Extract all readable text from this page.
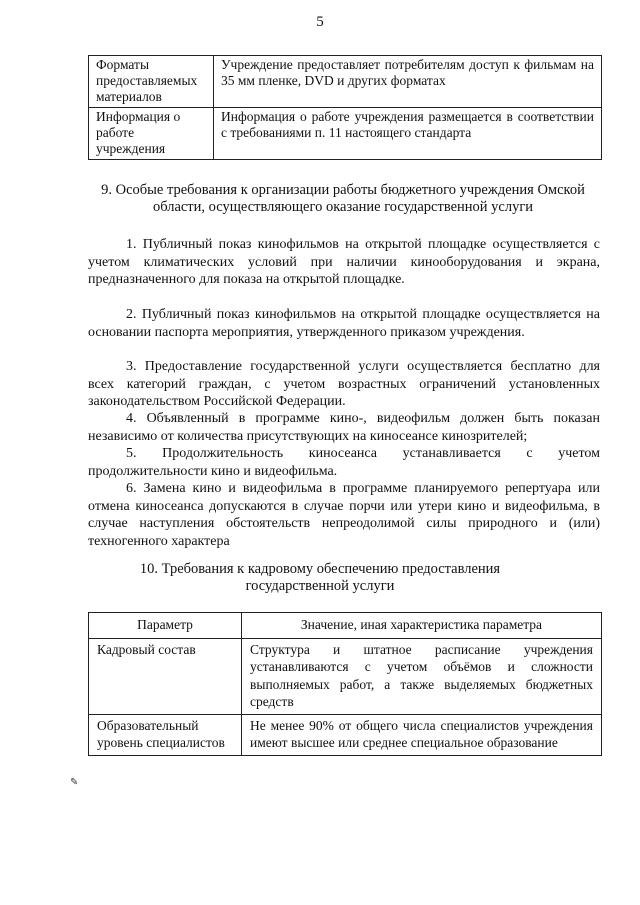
5
Форматы предоставляемых материалов	Учреждение предоставляет потребителям доступ к фильмам на 35 мм пленке, DVD и других форматах
Информация о работе учреждения	Информация о работе учреждения размещается в соответствии с требованиями п. 11 настоящего стандарта
9. Особые требования к организации работы бюджетного учреждения Омской области, осуществляющего оказание государственной услуги

1. Публичный показ кинофильмов на открытой площадке осуществляется с учетом климатических условий при наличии кинооборудования и экрана, предназначенного для показа на открытой площадке.

2. Публичный показ кинофильмов на открытой площадке осуществляется на основании паспорта мероприятия, утвержденного приказом учреждения.

3. Предоставление государственной услуги осуществляется бесплатно для всех категорий граждан, с учетом возрастных ограничений установленных законодательством Российской Федерации.

4. Объявленный в программе кино-, видеофильм должен быть показан независимо от количества присутствующих на киносеансе кинозрителей;

5. Продолжительность киносеанса устанавливается с учетом продолжительности кино и видеофильма.

6. Замена кино и видеофильма в программе планируемого репертуара или отмена киносеанса допускаются в случае порчи или утери кино и видеофильма, в случае наступления обстоятельств непреодолимой силы природного и (или) техногенного характера

10. Требования к кадровому обеспечению предоставления государственной услуги
Параметр	Значение, иная характеристика параметра
Кадровый состав	Структура и штатное расписание учреждения устанавливаются с учетом объёмов и сложности выполняемых работ, а также выделяемых бюджетных средств
Образовательный уровень специалистов	Не менее 90% от общего числа специалистов учреждения имеют высшее или среднее специальное образование
✎
